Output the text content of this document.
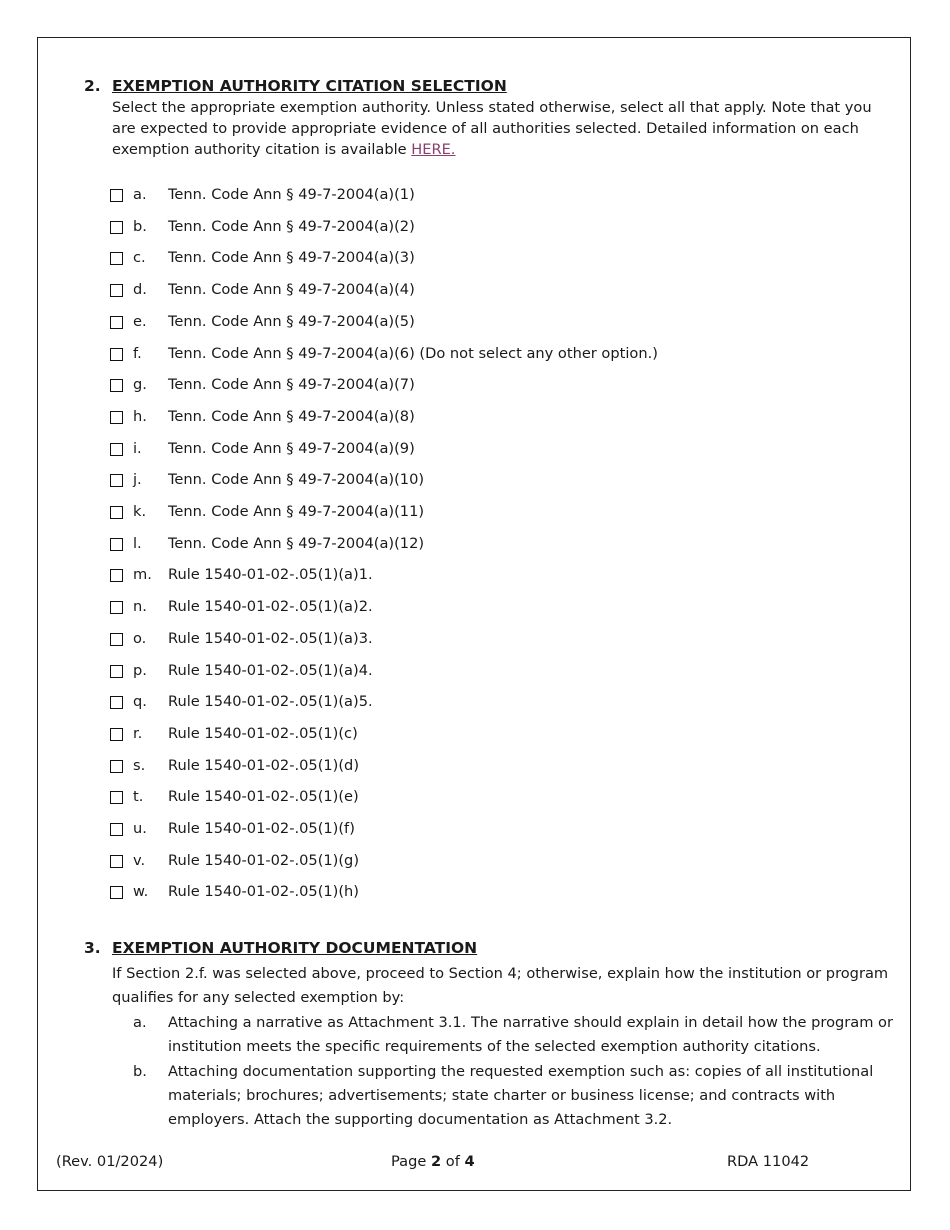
2. EXEMPTION AUTHORITY CITATION SELECTION
Select the appropriate exemption authority. Unless stated otherwise, select all that apply. Note that you are expected to provide appropriate evidence of all authorities selected. Detailed information on each exemption authority citation is available HERE.
a. Tenn. Code Ann § 49-7-2004(a)(1)
b. Tenn. Code Ann § 49-7-2004(a)(2)
c. Tenn. Code Ann § 49-7-2004(a)(3)
d. Tenn. Code Ann § 49-7-2004(a)(4)
e. Tenn. Code Ann § 49-7-2004(a)(5)
f. Tenn. Code Ann § 49-7-2004(a)(6) (Do not select any other option.)
g. Tenn. Code Ann § 49-7-2004(a)(7)
h. Tenn. Code Ann § 49-7-2004(a)(8)
i. Tenn. Code Ann § 49-7-2004(a)(9)
j. Tenn. Code Ann § 49-7-2004(a)(10)
k. Tenn. Code Ann § 49-7-2004(a)(11)
l. Tenn. Code Ann § 49-7-2004(a)(12)
m. Rule 1540-01-02-.05(1)(a)1.
n. Rule 1540-01-02-.05(1)(a)2.
o. Rule 1540-01-02-.05(1)(a)3.
p. Rule 1540-01-02-.05(1)(a)4.
q. Rule 1540-01-02-.05(1)(a)5.
r. Rule 1540-01-02-.05(1)(c)
s. Rule 1540-01-02-.05(1)(d)
t. Rule 1540-01-02-.05(1)(e)
u. Rule 1540-01-02-.05(1)(f)
v. Rule 1540-01-02-.05(1)(g)
w. Rule 1540-01-02-.05(1)(h)
3. EXEMPTION AUTHORITY DOCUMENTATION
If Section 2.f. was selected above, proceed to Section 4; otherwise, explain how the institution or program qualifies for any selected exemption by:
a. Attaching a narrative as Attachment 3.1. The narrative should explain in detail how the program or institution meets the specific requirements of the selected exemption authority citations.
b. Attaching documentation supporting the requested exemption such as: copies of all institutional materials; brochures; advertisements; state charter or business license; and contracts with employers. Attach the supporting documentation as Attachment 3.2.
(Rev. 01/2024)	Page 2 of 4	RDA 11042
